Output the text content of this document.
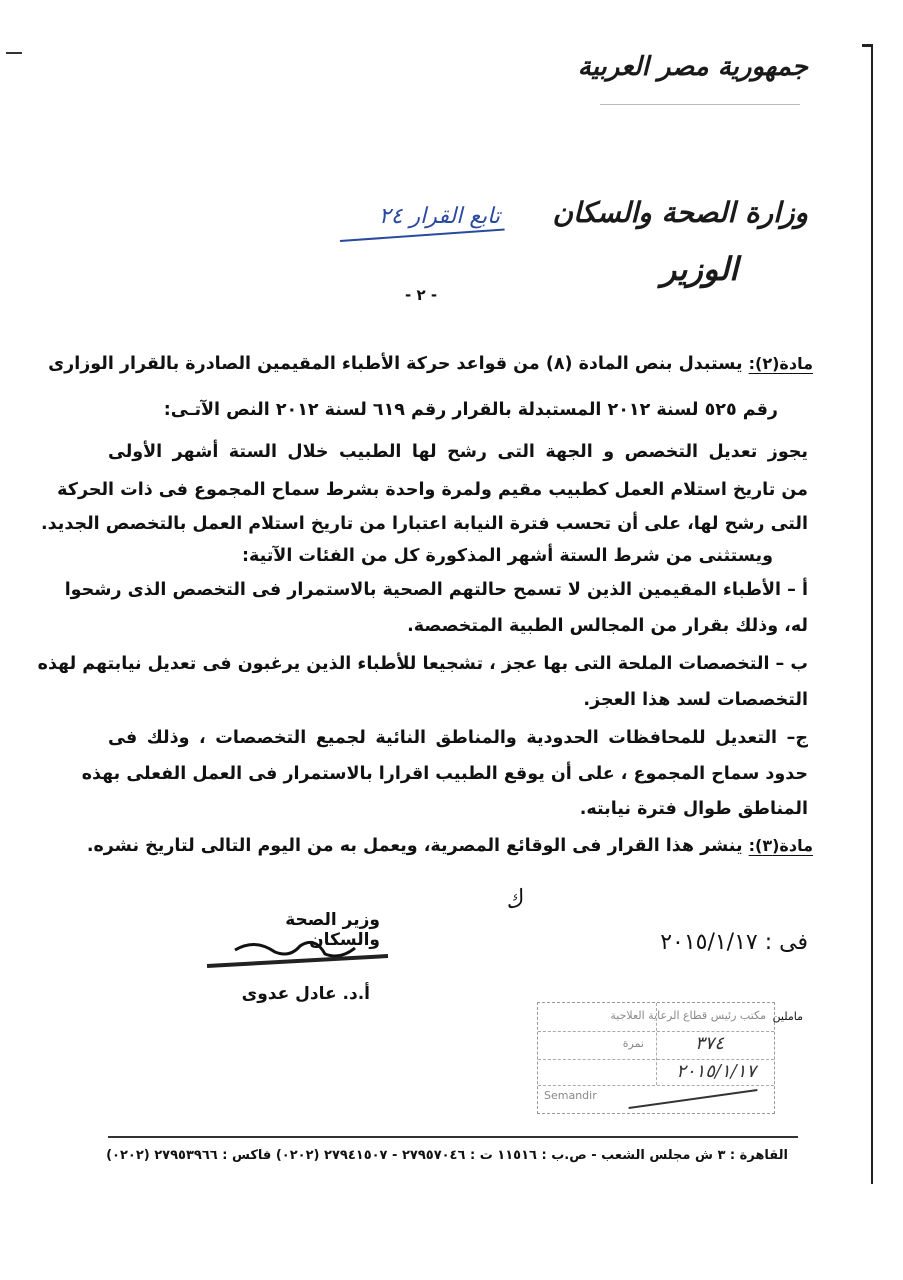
جمهورية مصر العربية
وزارة الصحة والسكان
الوزير
تابع القرار ٢٤
- ٢ -
مادة(٢): يستبدل بنص المادة (٨) من قواعد حركة الأطباء المقيمين الصادرة بالقرار الوزارى
رقم ٥٢٥ لسنة ٢٠١٢ المستبدلة بالقرار رقم ٦١٩ لسنة ٢٠١٢ النص الآتـى:
يجوز تعديل التخصص و الجهة التى رشح لها الطبيب خلال الستة أشهر الأولى
من تاريخ استلام العمل كطبيب مقيم ولمرة واحدة بشرط سماح المجموع فى ذات الحركة
التى رشح لها، على أن تحسب فترة النيابة اعتبارا من تاريخ استلام العمل بالتخصص الجديد.
ويستثنى من شرط الستة أشهر المذكورة كل من الفئات الآتية:
أ – الأطباء المقيمين الذين لا تسمح حالتهم الصحية بالاستمرار فى التخصص الذى رشحوا
له، وذلك بقرار من المجالس الطبية المتخصصة.
ب – التخصصات الملحة التى بها عجز ، تشجيعا للأطباء الذين يرغبون فى تعديل نيابتهم لهذه
التخصصات لسد هذا العجز.
ج– التعديل للمحافظات الحدودية والمناطق النائية لجميع التخصصات ، وذلك فى
حدود سماح المجموع ، على أن يوقع الطبيب اقرارا بالاستمرار فى العمل الفعلى بهذه
المناطق طوال فترة نيابته.
مادة(٣): ينشر هذا القرار فى الوقائع المصرية، ويعمل به من اليوم التالى لتاريخ نشره.
ك
وزير الصحة والسكان
أ.د. عادل عدوى
فى : ٢٠١٥/١/١٧
مكتب رئيس قطاع الرعاية العلاجية
نمرة	٣٧٤
٢٠١٥/١/١٧
Semandir
ماملين
القاهرة : ٣ ش مجلس الشعب - ص.ب : ١١٥١٦ ت : ٢٧٩٥٧٠٤٦ - ٢٧٩٤١٥٠٧ (٠٢٠٢) فاكس : ٢٧٩٥٣٩٦٦ (٠٢٠٢)
